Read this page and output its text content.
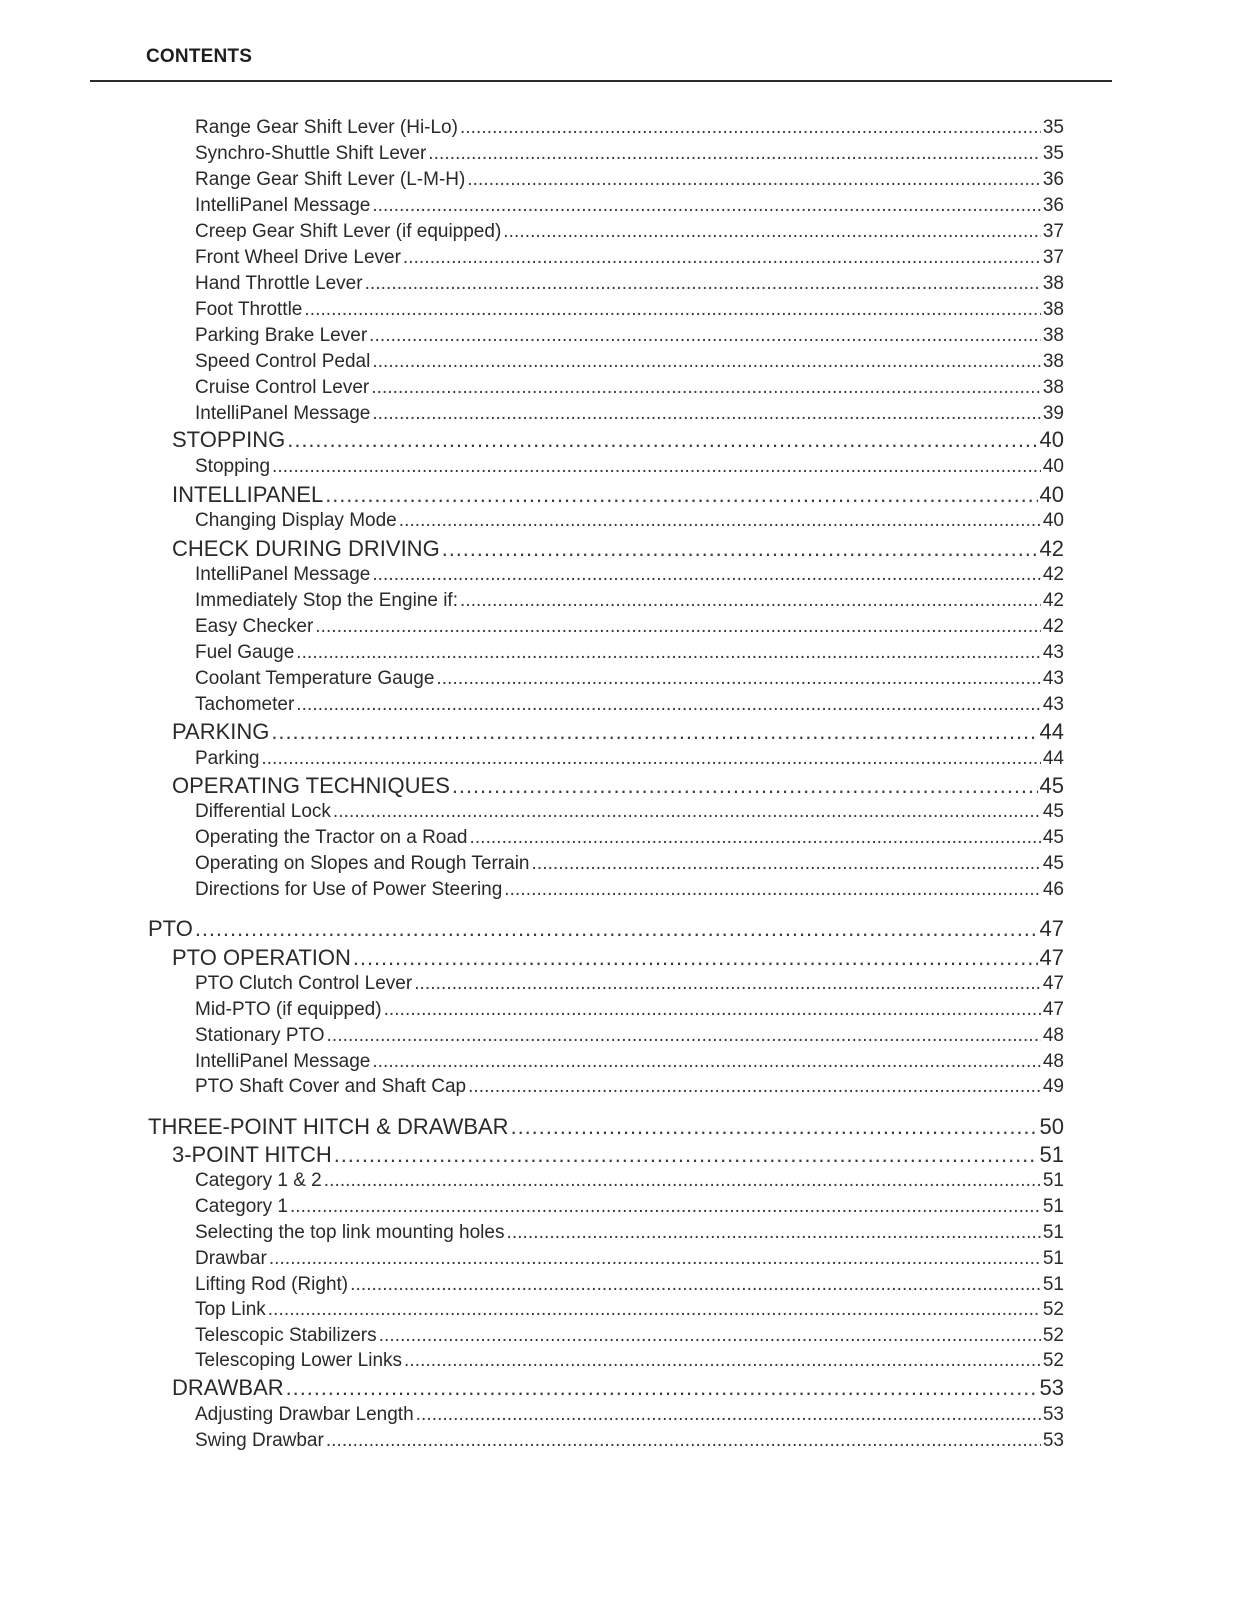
CONTENTS
Range Gear Shift Lever (Hi-Lo) . . .	35
Synchro-Shuttle Shift Lever . . .	35
Range Gear Shift Lever (L-M-H) . . .	36
IntelliPanel Message . . .	36
Creep Gear Shift Lever (if equipped) . . .	37
Front Wheel Drive Lever . . .	37
Hand Throttle Lever . . .	38
Foot Throttle . . .	38
Parking Brake Lever . . .	38
Speed Control Pedal . . .	38
Cruise Control Lever . . .	38
IntelliPanel Message . . .	39
STOPPING . . .	40
Stopping . . .	40
INTELLIPANEL . . .	40
Changing Display Mode . . .	40
CHECK DURING DRIVING . . .	42
IntelliPanel Message . . .	42
Immediately Stop the Engine if: . . .	42
Easy Checker . . .	42
Fuel Gauge . . .	43
Coolant Temperature Gauge . . .	43
Tachometer . . .	43
PARKING . . .	44
Parking . . .	44
OPERATING TECHNIQUES . . .	45
Differential Lock . . .	45
Operating the Tractor on a Road . . .	45
Operating on Slopes and Rough Terrain . . .	45
Directions for Use of Power Steering . . .	46
PTO . . .	47
PTO OPERATION . . .	47
PTO Clutch Control Lever . . .	47
Mid-PTO (if equipped) . . .	47
Stationary PTO . . .	48
IntelliPanel Message . . .	48
PTO Shaft Cover and Shaft Cap . . .	49
THREE-POINT HITCH & DRAWBAR . . .	50
3-POINT HITCH . . .	51
Category 1 & 2 . . .	51
Category 1 . . .	51
Selecting the top link mounting holes . . .	51
Drawbar . . .	51
Lifting Rod (Right) . . .	51
Top Link . . .	52
Telescopic Stabilizers . . .	52
Telescoping Lower Links . . .	52
DRAWBAR . . .	53
Adjusting Drawbar Length . . .	53
Swing Drawbar . . .	53
